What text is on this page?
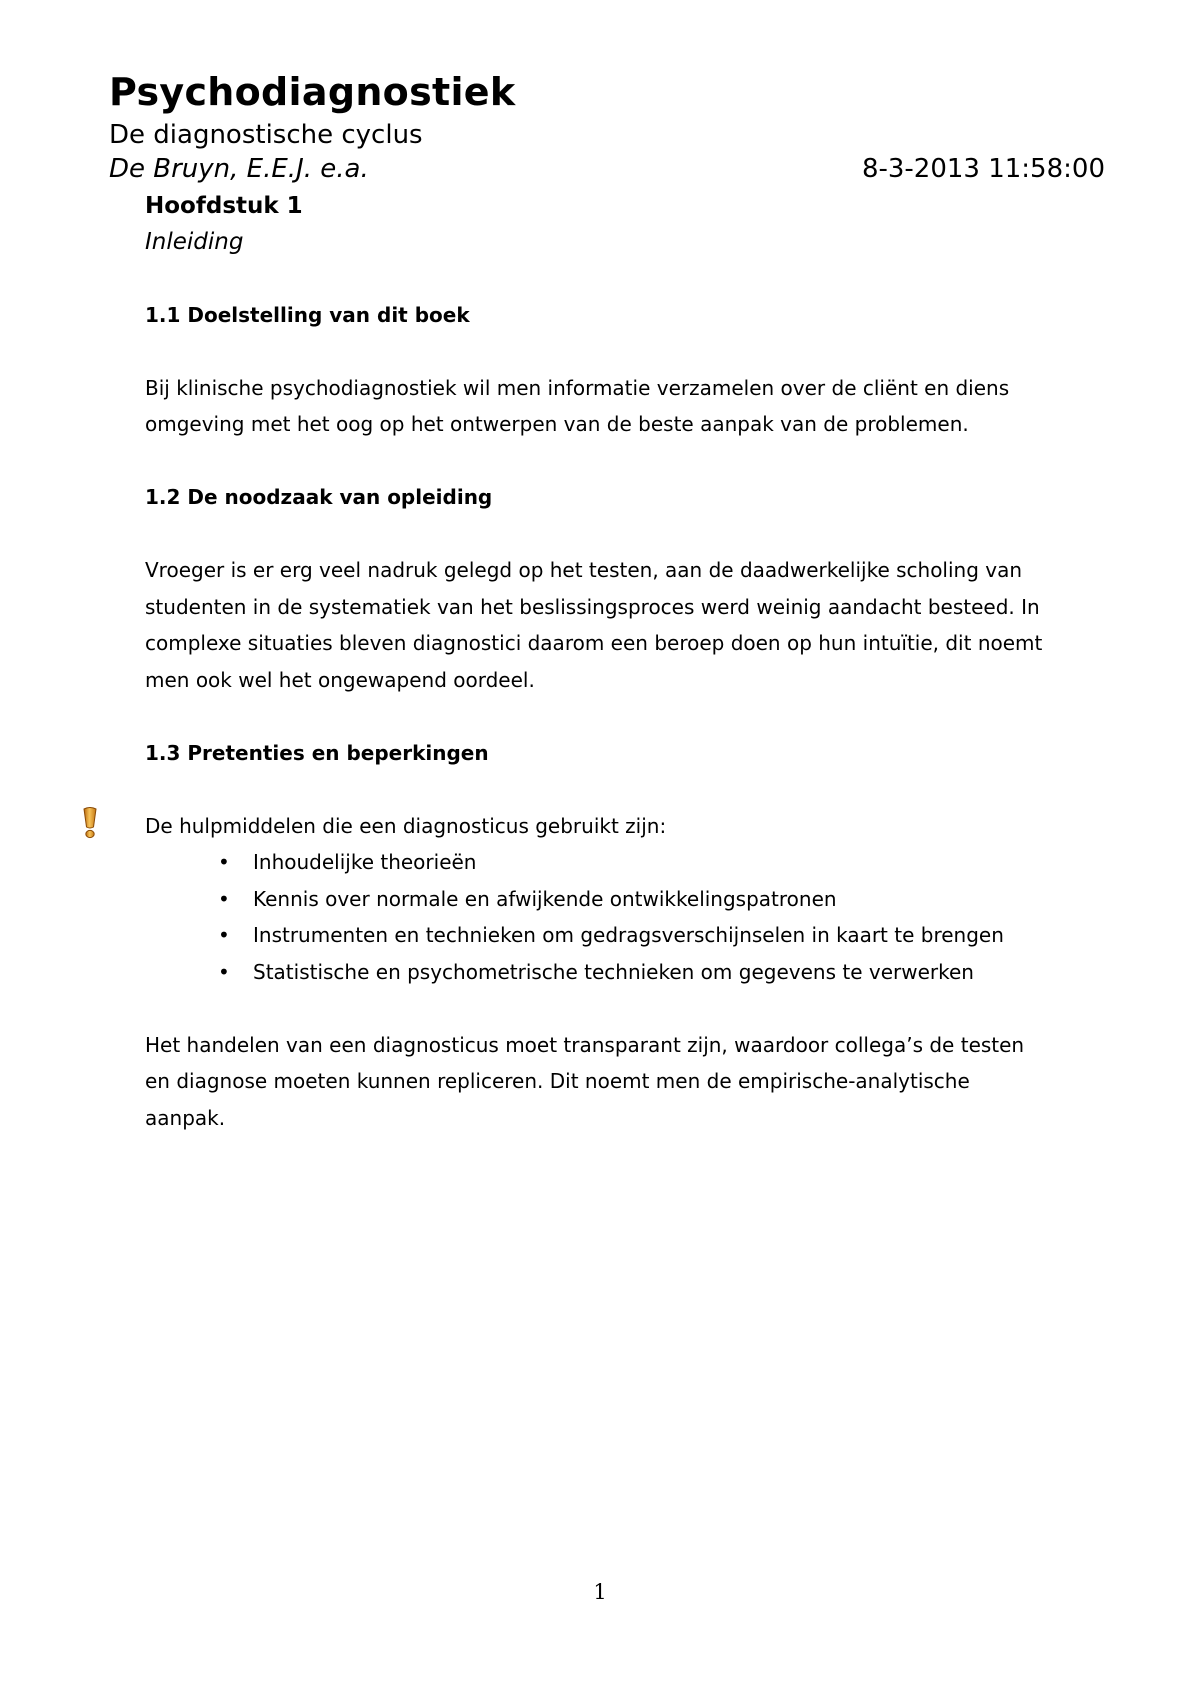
Psychodiagnostiek
De diagnostische cyclus
De Bruyn, E.E.J. e.a.	8-3-2013 11:58:00
Hoofdstuk 1
Inleiding
1.1 Doelstelling van dit boek
Bij klinische psychodiagnostiek wil men informatie verzamelen over de cliënt en diens
omgeving met het oog op het ontwerpen van de beste aanpak van de problemen.
1.2 De noodzaak van opleiding
Vroeger is er erg veel nadruk gelegd op het testen, aan de daadwerkelijke scholing van
studenten in de systematiek van het beslissingsproces werd weinig aandacht besteed. In
complexe situaties bleven diagnostici daarom een beroep doen op hun intuïtie, dit noemt
men ook wel het ongewapend oordeel.
1.3 Pretenties en beperkingen
De hulpmiddelen die een diagnosticus gebruikt zijn:
• Inhoudelijke theorieën
• Kennis over normale en afwijkende ontwikkelingspatronen
• Instrumenten en technieken om gedragsverschijnselen in kaart te brengen
• Statistische en psychometrische technieken om gegevens te verwerken
Het handelen van een diagnosticus moet transparant zijn, waardoor collega’s de testen
en diagnose moeten kunnen repliceren. Dit noemt men de empirische-analytische
aanpak.
1
